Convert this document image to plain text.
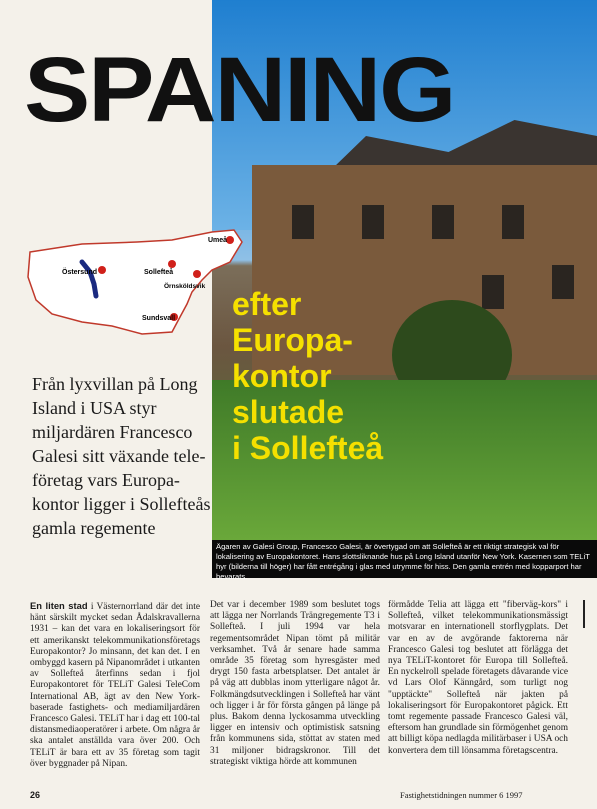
Ägaren av Galesi Group, Francesco Galesi, är övertygad om att Sollefteå är ett riktigt strategisk val för lokalisering av Europakontoret. Hans slottsliknande hus på Long Island utanför New York. Kasernen som TELiT hyr (bilderna till höger) har fått entrégång i glas med utrymme för hiss. Den gamla entrén med kopparport har bevarats.
SPANING
Umeå
Östersund	Sollefteå
Örnsköldsvik
Sundsvall efter
Europa-
kontor
slutade
i Sollefteå
Från lyxvillan på Long Island i USA styr miljardären Francesco Galesi sitt växande tele-företag vars Europa-kontor ligger i Sollefteås gamla regemente

En liten stad i Västernorrland där det inte hänt särskilt mycket sedan Ådalskravallerna 1931 – kan det vara en lokaliseringsort för ett amerikanskt telekommunikationsföretags Europakontor? Jo minsann, det kan det. I en ombyggd kasern på Nipanområdet i utkanten av Sollefteå återfinns sedan i fjol Europakontoret för TELiT Galesi TeleCom International AB, ägt av den New York-baserade fastighets- och mediamiljardären Francesco Galesi. TELiT har i dag ett 100-tal distansmediaoperatörer i arbete. Om några år ska antalet anställda vara över 200. Och TELiT är bara ett av 35 företag som tagit över byggnader på Nipan.

Det var i december 1989 som beslutet togs att lägga ner Norrlands Trängregemente T3 i Sollefteå. I juli 1994 var hela regementsområdet Nipan tömt på militär verksamhet. Två år senare hade samma område 35 företag som hyresgäster med drygt 150 fasta arbetsplatser. Det antalet är på väg att dubblas inom ytterligare något år. Folkmängdsutvecklingen i Sollefteå har vänt och ligger i år för första gången på länge på plus. Bakom denna lyckosamma utveckling ligger en intensiv och optimistisk satsning från kommunens sida, stöttat av staten med 31 miljoner bidragskronor. Till det strategiskt viktiga hörde att kommunen

förmådde Telia att lägga ett "fiberväg-kors" i Sollefteå, vilket telekommunikationsmässigt motsvarar en internationell storflygplats. Det var en av de avgörande faktorerna när Francesco Galesi tog beslutet att förlägga det nya TELiT-kontoret för Europa till Sollefteå. En nyckelroll spelade företagets dåvarande vice vd Lars Olof Känngård, som turligt nog "upptäckte" Sollefteå när jakten på lokaliseringsort för Europakontoret pågick. Ett tomt regemente passade Francesco Galesi väl, eftersom han grundlade sin förmögenhet genom att billigt köpa nedlagda militärbaser i USA och konvertera dem till lönsamma företagscentra.

26	Fastighetstidningen nummer 6 1997
